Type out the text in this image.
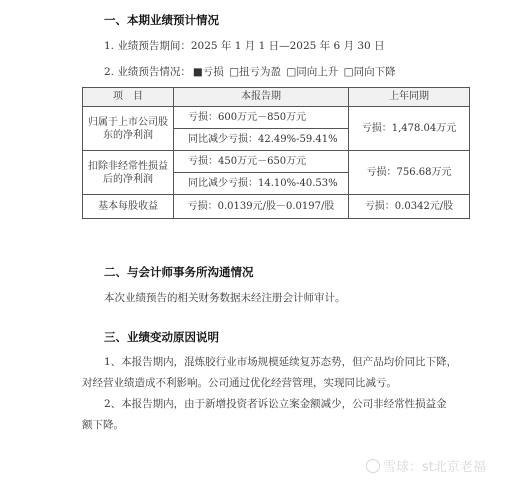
一、本期业绩预计情况
1. 业绩预告期间：2025 年 1 月 1 日—2025 年 6 月 30 日
2. 业绩预告情况： ■亏损 □扭亏为盈 □同向上升 □同向下降
项　目	本报告期	上年同期
归属于上市公司股东的净利润	亏损：600万元－850万元	亏损：1,478.04万元
	同比减少亏损：42.49%-59.41%	
扣除非经常性损益后的净利润	亏损：450万元－650万元	亏损：756.68万元
	同比减少亏损：14.10%-40.53%	
基本每股收益	亏损：0.0139元/股－0.0197/股	亏损：0.0342元/股
二、与会计师事务所沟通情况
本次业绩预告的相关财务数据未经注册会计师审计。
三、业绩变动原因说明
1、本报告期内，混炼胶行业市场规模延续复苏态势，但产品均价同比下降，
对经营业绩造成不利影响。公司通过优化经营管理，实现同比减亏。
2、本报告期内，由于新增投资者诉讼立案金额减少，公司非经常性损益金
额下降。
雪球：st北京老福
